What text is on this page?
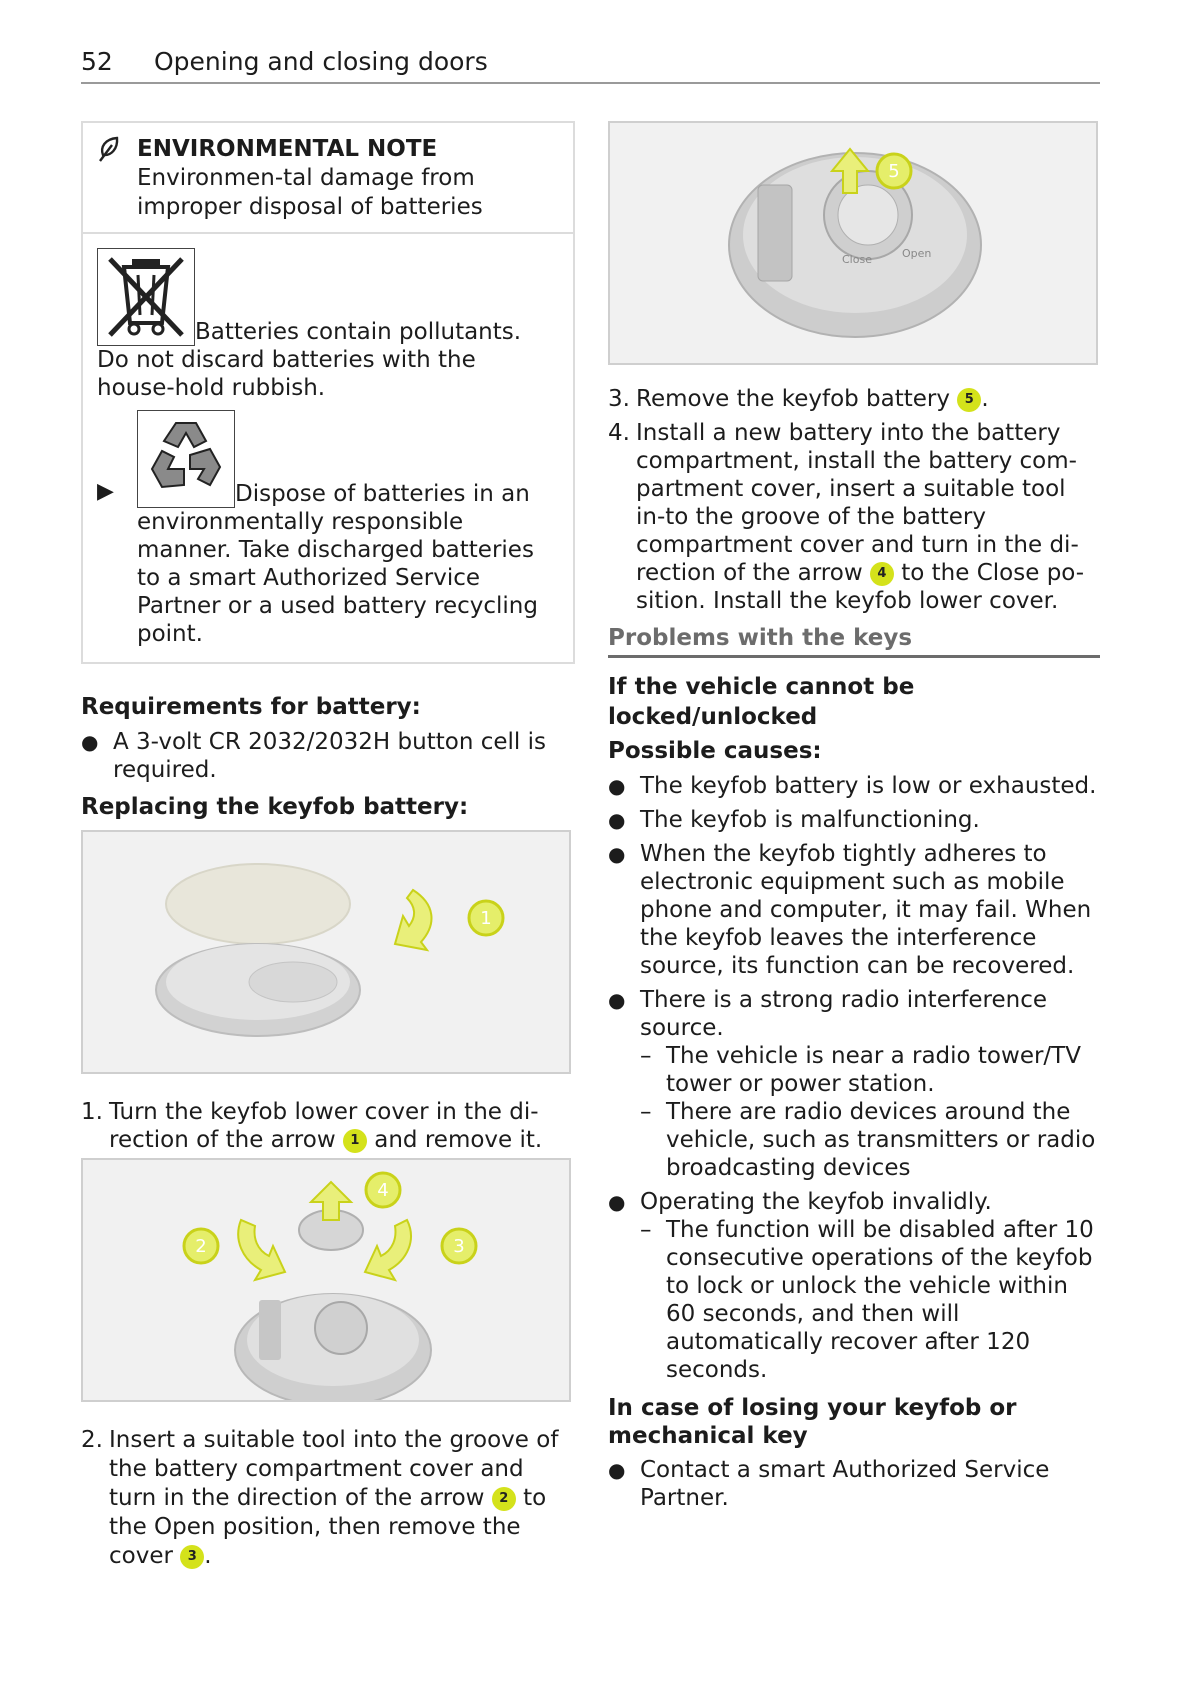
52 Opening and closing doors
ENVIRONMENTAL NOTE Environmen-tal damage from improper disposal of batteries
Batteries contain pollutants. Do not discard batteries with the house-hold rubbish.
▶	Dispose of batteries in an environmentally responsible manner. Take discharged batteries to a smart Authorized Service Partner or a used battery recycling point.
Requirements for battery:
● A 3-volt CR 2032/2032H button cell is required.
Replacing the keyfob battery:
1
1. Turn the keyfob lower cover in the di-rection of the arrow 1 and remove it.
4
2	3
2. Insert a suitable tool into the groove of the battery compartment cover and turn in the direction of the arrow 2 to the Open position, then remove the cover 3 .
Close	Open
5
3. Remove the keyfob battery 5 .
4. Install a new battery into the battery compartment, install the battery com-partment cover, insert a suitable tool in-to the groove of the battery compartment cover and turn in the di-rection of the arrow 4 to the Close po-sition. Install the keyfob lower cover.
Problems with the keys
If the vehicle cannot be locked/unlocked
Possible causes:
● The keyfob battery is low or exhausted.
● The keyfob is malfunctioning.
● When the keyfob tightly adheres to electronic equipment such as mobile phone and computer, it may fail. When the keyfob leaves the interference source, its function can be recovered.
● There is a strong radio interference source.
– The vehicle is near a radio tower/TV tower or power station.
– There are radio devices around the vehicle, such as transmitters or radio broadcasting devices
● Operating the keyfob invalidly.
– The function will be disabled after 10 consecutive operations of the keyfob to lock or unlock the vehicle within 60 seconds, and then will automatically recover after 120 seconds.
In case of losing your keyfob or mechanical key
● Contact a smart Authorized Service Partner.
